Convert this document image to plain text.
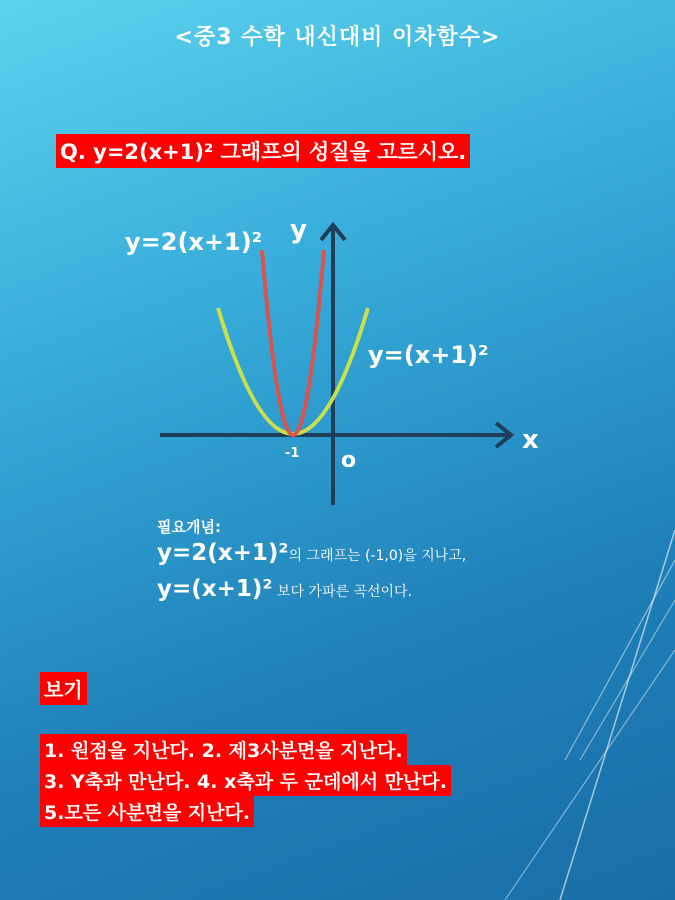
<중3 수학 내신대비 이차함수>
Q. y=2(x+1)² 그래프의 성질을 고르시오.
y=2(x+1)² y
y=(x+1)²
x
-1 o
필요개념:
y=2(x+1)²의 그래프는 (-1,0)을 지나고,
y=(x+1)² 보다 가파른 곡선이다.
보기
1. 원점을 지난다. 2. 제3사분면을 지난다.
3. Y축과 만난다. 4. x축과 두 군데에서 만난다.
5.모든 사분면을 지난다.
